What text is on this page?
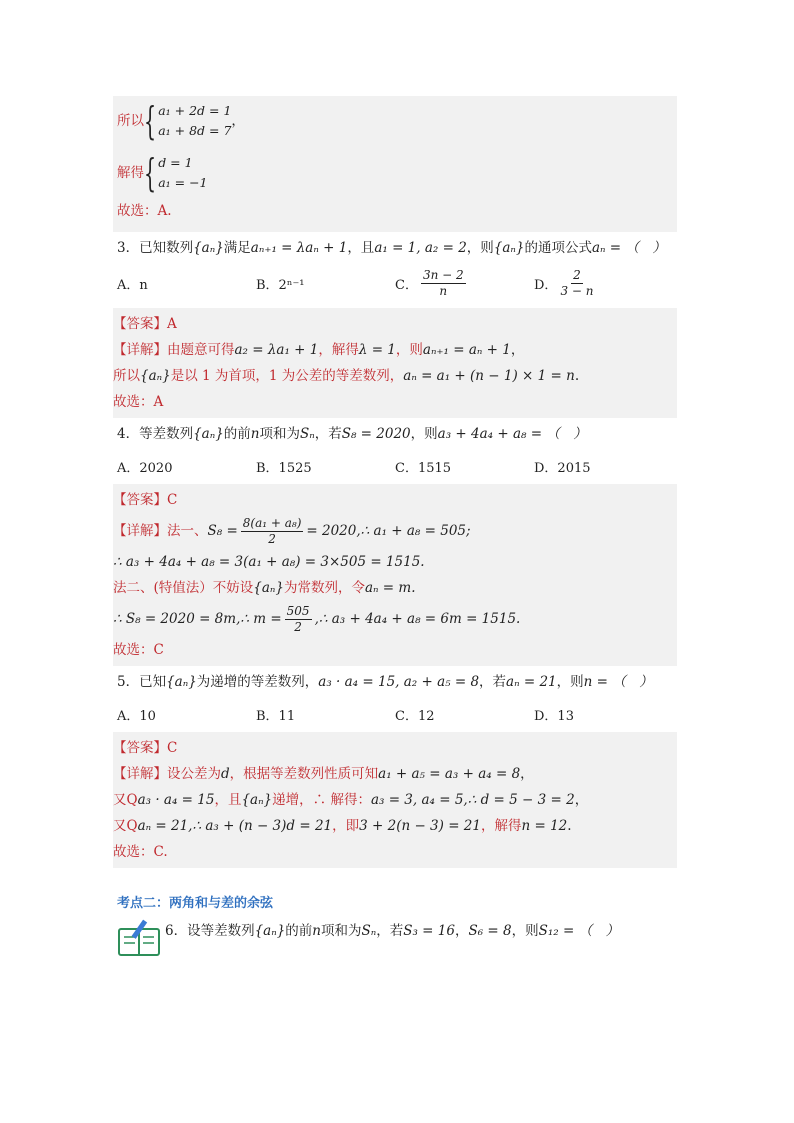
所以 { a₁ + 2d = 1
a₁ + 8d = 7
，
解得 { d = 1
a₁ = −1
故选：A.
3．已知数列{aₙ}满足aₙ₊₁ = λaₙ + 1，且a₁ = 1, a₂ = 2，则{aₙ}的通项公式aₙ = （　）
A．n	B．2ⁿ⁻¹	C． $\frac{3n - 2}{n}$	D． $\frac{2}{3 - n}$
【答案】A
【详解】由题意可得a₂ = λa₁ + 1，解得λ = 1，则aₙ₊₁ = aₙ + 1，
所以{aₙ}是以 1 为首项，1 为公差的等差数列，aₙ = a₁ + (n − 1) × 1 = n.
故选：A
4．等差数列{aₙ}的前n项和为Sₙ，若S₈ = 2020，则a₃ + 4a₄ + a₈ = （　）
A．2020	B．1525	C．1515	D．2015
【答案】C
【详解】法一、$S_8 = \frac{\text{8(a₁ + a₈)}}{2}$ = 2020,∴ a₁ + a₈ = 505;
∴ a₃ + 4a₄ + a₈ = 3(a₁ + a₈) = 3×505 = 1515.
法二、(特值法）不妨设{aₙ}为常数列，令aₙ = m.
∴ S₈ = 2020 = 8m,∴ $m = \frac{505}{2}$ ,∴ a₃ + 4a₄ + a₈ = 6m = 1515.
故选：C
5．已知{aₙ}为递增的等差数列，a₃ · a₄ = 15, a₂ + a₅ = 8，若aₙ = 21，则n = （　）
A．10	B．11	C．12	D．13
【答案】C
【详解】设公差为d，根据等差数列性质可知a₁ + a₅ = a₃ + a₄ = 8，
又Qa₃ · a₄ = 15，且{aₙ}递增，∴ 解得：a₃ = 3, a₄ = 5,∴ d = 5 − 3 = 2，
又Qaₙ = 21,∴ a₃ + (n − 3)d = 21，即3 + 2(n − 3) = 21，解得n = 12.
故选：C.
考点二：两角和与差的余弦
6．设等差数列{aₙ}的前n项和为Sₙ，若S₃ = 16，S₆ = 8，则S₁₂ = （　）
